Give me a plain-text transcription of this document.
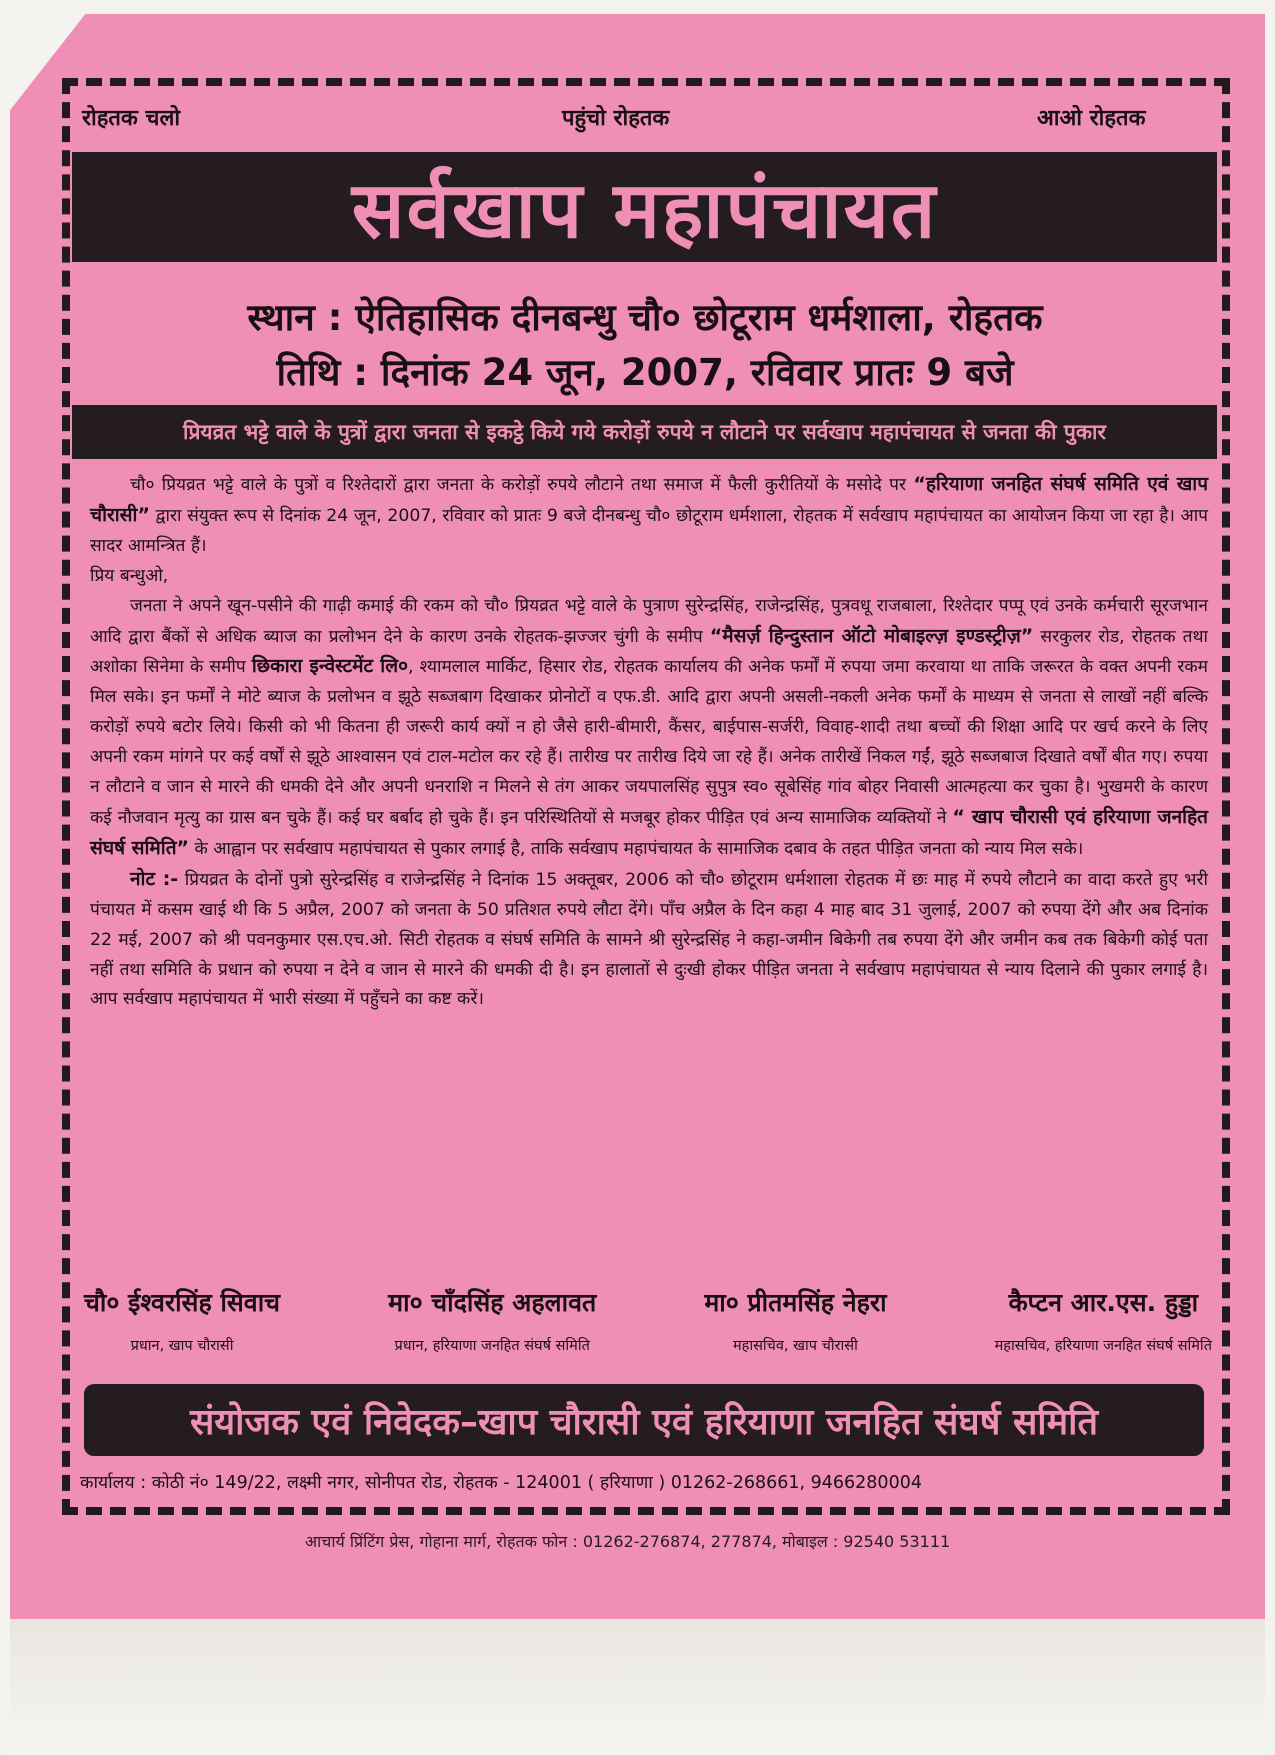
रोहतक चलो	पहुंचो रोहतक	आओ रोहतक
सर्वखाप महापंचायत
स्थान : ऐतिहासिक दीनबन्धु चौ० छोटूराम धर्मशाला, रोहतक
तिथि : दिनांक 24 जून, 2007, रविवार प्रातः 9 बजे
प्रियव्रत भट्टे वाले के पुत्रों द्वारा जनता से इकट्ठे किये गये करोड़ों रुपये न लौटाने पर सर्वखाप महापंचायत से जनता की पुकार

चौ० प्रियव्रत भट्टे वाले के पुत्रों व रिश्तेदारों द्वारा जनता के करोड़ों रुपये लौटाने तथा समाज में फैली कुरीतियों के मसोदे पर “हरियाणा जनहित संघर्ष समिति एवं खाप चौरासी” द्वारा संयुक्त रूप से दिनांक 24 जून, 2007, रविवार को प्रातः 9 बजे दीनबन्धु चौ० छोटूराम धर्मशाला, रोहतक में सर्वखाप महापंचायत का आयोजन किया जा रहा है। आप सादर आमन्त्रित हैं।

प्रिय बन्धुओ,

जनता ने अपने खून-पसीने की गाढ़ी कमाई की रकम को चौ० प्रियव्रत भट्टे वाले के पुत्राण सुरेन्द्रसिंह, राजेन्द्रसिंह, पुत्रवधू राजबाला, रिश्तेदार पप्पू एवं उनके कर्मचारी सूरजभान आदि द्वारा बैंकों से अधिक ब्याज का प्रलोभन देने के कारण उनके रोहतक-झज्जर चुंगी के समीप “मैसर्ज़ हिन्दुस्तान ऑटो मोबाइल्ज़ इण्डस्ट्रीज़” सरकुलर रोड, रोहतक तथा अशोका सिनेमा के समीप छिकारा इन्वेस्टमेंट लि०, श्यामलाल मार्किट, हिसार रोड, रोहतक कार्यालय की अनेक फर्मों में रुपया जमा करवाया था ताकि जरूरत के वक्त अपनी रकम मिल सके। इन फर्मों ने मोटे ब्याज के प्रलोभन व झूठे सब्जबाग दिखाकर प्रोनोटों व एफ.डी. आदि द्वारा अपनी असली-नकली अनेक फर्मों के माध्यम से जनता से लाखों नहीं बल्कि करोड़ों रुपये बटोर लिये। किसी को भी कितना ही जरूरी कार्य क्यों न हो जैसे हारी-बीमारी, कैंसर, बाईपास-सर्जरी, विवाह-शादी तथा बच्चों की शिक्षा आदि पर खर्च करने के लिए अपनी रकम मांगने पर कई वर्षों से झूठे आश्वासन एवं टाल-मटोल कर रहे हैं। तारीख पर तारीख दिये जा रहे हैं। अनेक तारीखें निकल गईं, झूठे सब्जबाज दिखाते वर्षों बीत गए। रुपया न लौटाने व जान से मारने की धमकी देने और अपनी धनराशि न मिलने से तंग आकर जयपालसिंह सुपुत्र स्व० सूबेसिंह गांव बोहर निवासी आत्महत्या कर चुका है। भुखमरी के कारण कई नौजवान मृत्यु का ग्रास बन चुके हैं। कई घर बर्बाद हो चुके हैं। इन परिस्थितियों से मजबूर होकर पीड़ित एवं अन्य सामाजिक व्यक्तियों ने “ खाप चौरासी एवं हरियाणा जनहित संघर्ष समिति” के आह्वान पर सर्वखाप महापंचायत से पुकार लगाई है, ताकि सर्वखाप महापंचायत के सामाजिक दबाव के तहत पीड़ित जनता को न्याय मिल सके।

नोट :- प्रियव्रत के दोनों पुत्रो सुरेन्द्रसिंह व राजेन्द्रसिंह ने दिनांक 15 अक्तूबर, 2006 को चौ० छोटूराम धर्मशाला रोहतक में छः माह में रुपये लौटाने का वादा करते हुए भरी पंचायत में कसम खाई थी कि 5 अप्रैल, 2007 को जनता के 50 प्रतिशत रुपये लौटा देंगे। पाँच अप्रैल के दिन कहा 4 माह बाद 31 जुलाई, 2007 को रुपया देंगे और अब दिनांक 22 मई, 2007 को श्री पवनकुमार एस.एच.ओ. सिटी रोहतक व संघर्ष समिति के सामने श्री सुरेन्द्रसिंह ने कहा-जमीन बिकेगी तब रुपया देंगे और जमीन कब तक बिकेगी कोई पता नहीं तथा समिति के प्रधान को रुपया न देने व जान से मारने की धमकी दी है। इन हालातों से दुःखी होकर पीड़ित जनता ने सर्वखाप महापंचायत से न्याय दिलाने की पुकार लगाई है। आप सर्वखाप महापंचायत में भारी संख्या में पहुँचने का कष्ट करें।

चौ० ईश्वरसिंह सिवाच
प्रधान, खाप चौरासी
मा० चाँदसिंह अहलावत
प्रधान, हरियाणा जनहित संघर्ष समिति
मा० प्रीतमसिंह नेहरा
महासचिव, खाप चौरासी
कैप्टन आर.एस. हुड्डा
महासचिव, हरियाणा जनहित संघर्ष समिति
संयोजक एवं निवेदक–खाप चौरासी एवं हरियाणा जनहित संघर्ष समिति
कार्यालय : कोठी नं० 149/22, लक्ष्मी नगर, सोनीपत रोड, रोहतक - 124001 ( हरियाणा ) 01262-268661, 9466280004
आचार्य प्रिंटिंग प्रेस, गोहाना मार्ग, रोहतक फोन : 01262-276874, 277874, मोबाइल : 92540 53111
